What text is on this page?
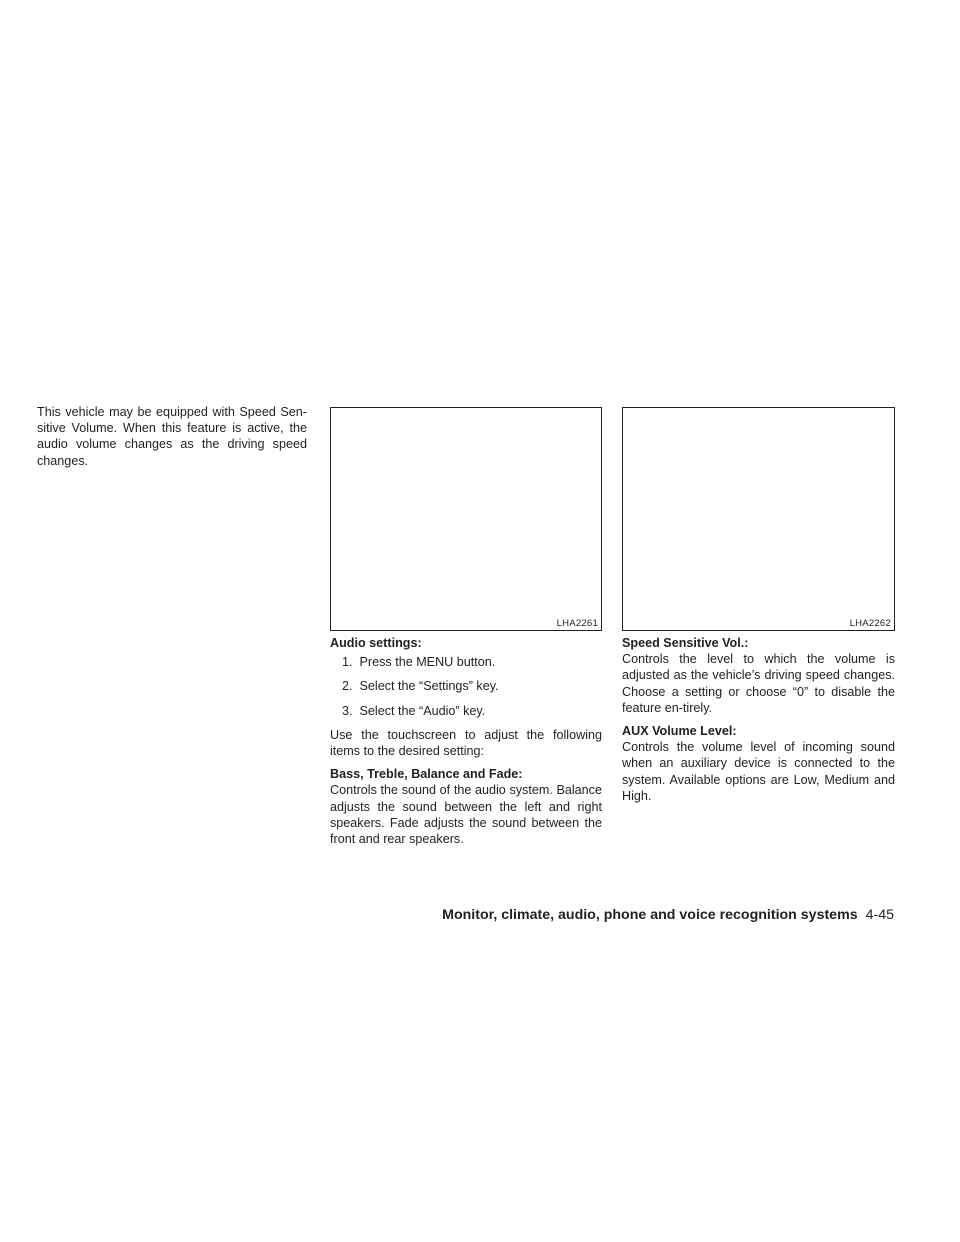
This vehicle may be equipped with Speed Sen-sitive Volume. When this feature is active, the audio volume changes as the driving speed changes.

LHA2261
Audio settings:
1. Press the MENU button.
2. Select the “Settings” key.
3. Select the “Audio” key.

Use the touchscreen to adjust the following items to the desired setting:

Bass, Treble, Balance and Fade:

Controls the sound of the audio system. Balance adjusts the sound between the left and right speakers. Fade adjusts the sound between the front and rear speakers.

LHA2262
Speed Sensitive Vol.:

Controls the level to which the volume is adjusted as the vehicle’s driving speed changes. Choose a setting or choose “0” to disable the feature en-tirely.

AUX Volume Level:

Controls the volume level of incoming sound when an auxiliary device is connected to the system. Available options are Low, Medium and High.

Monitor, climate, audio, phone and voice recognition systems 4-45
